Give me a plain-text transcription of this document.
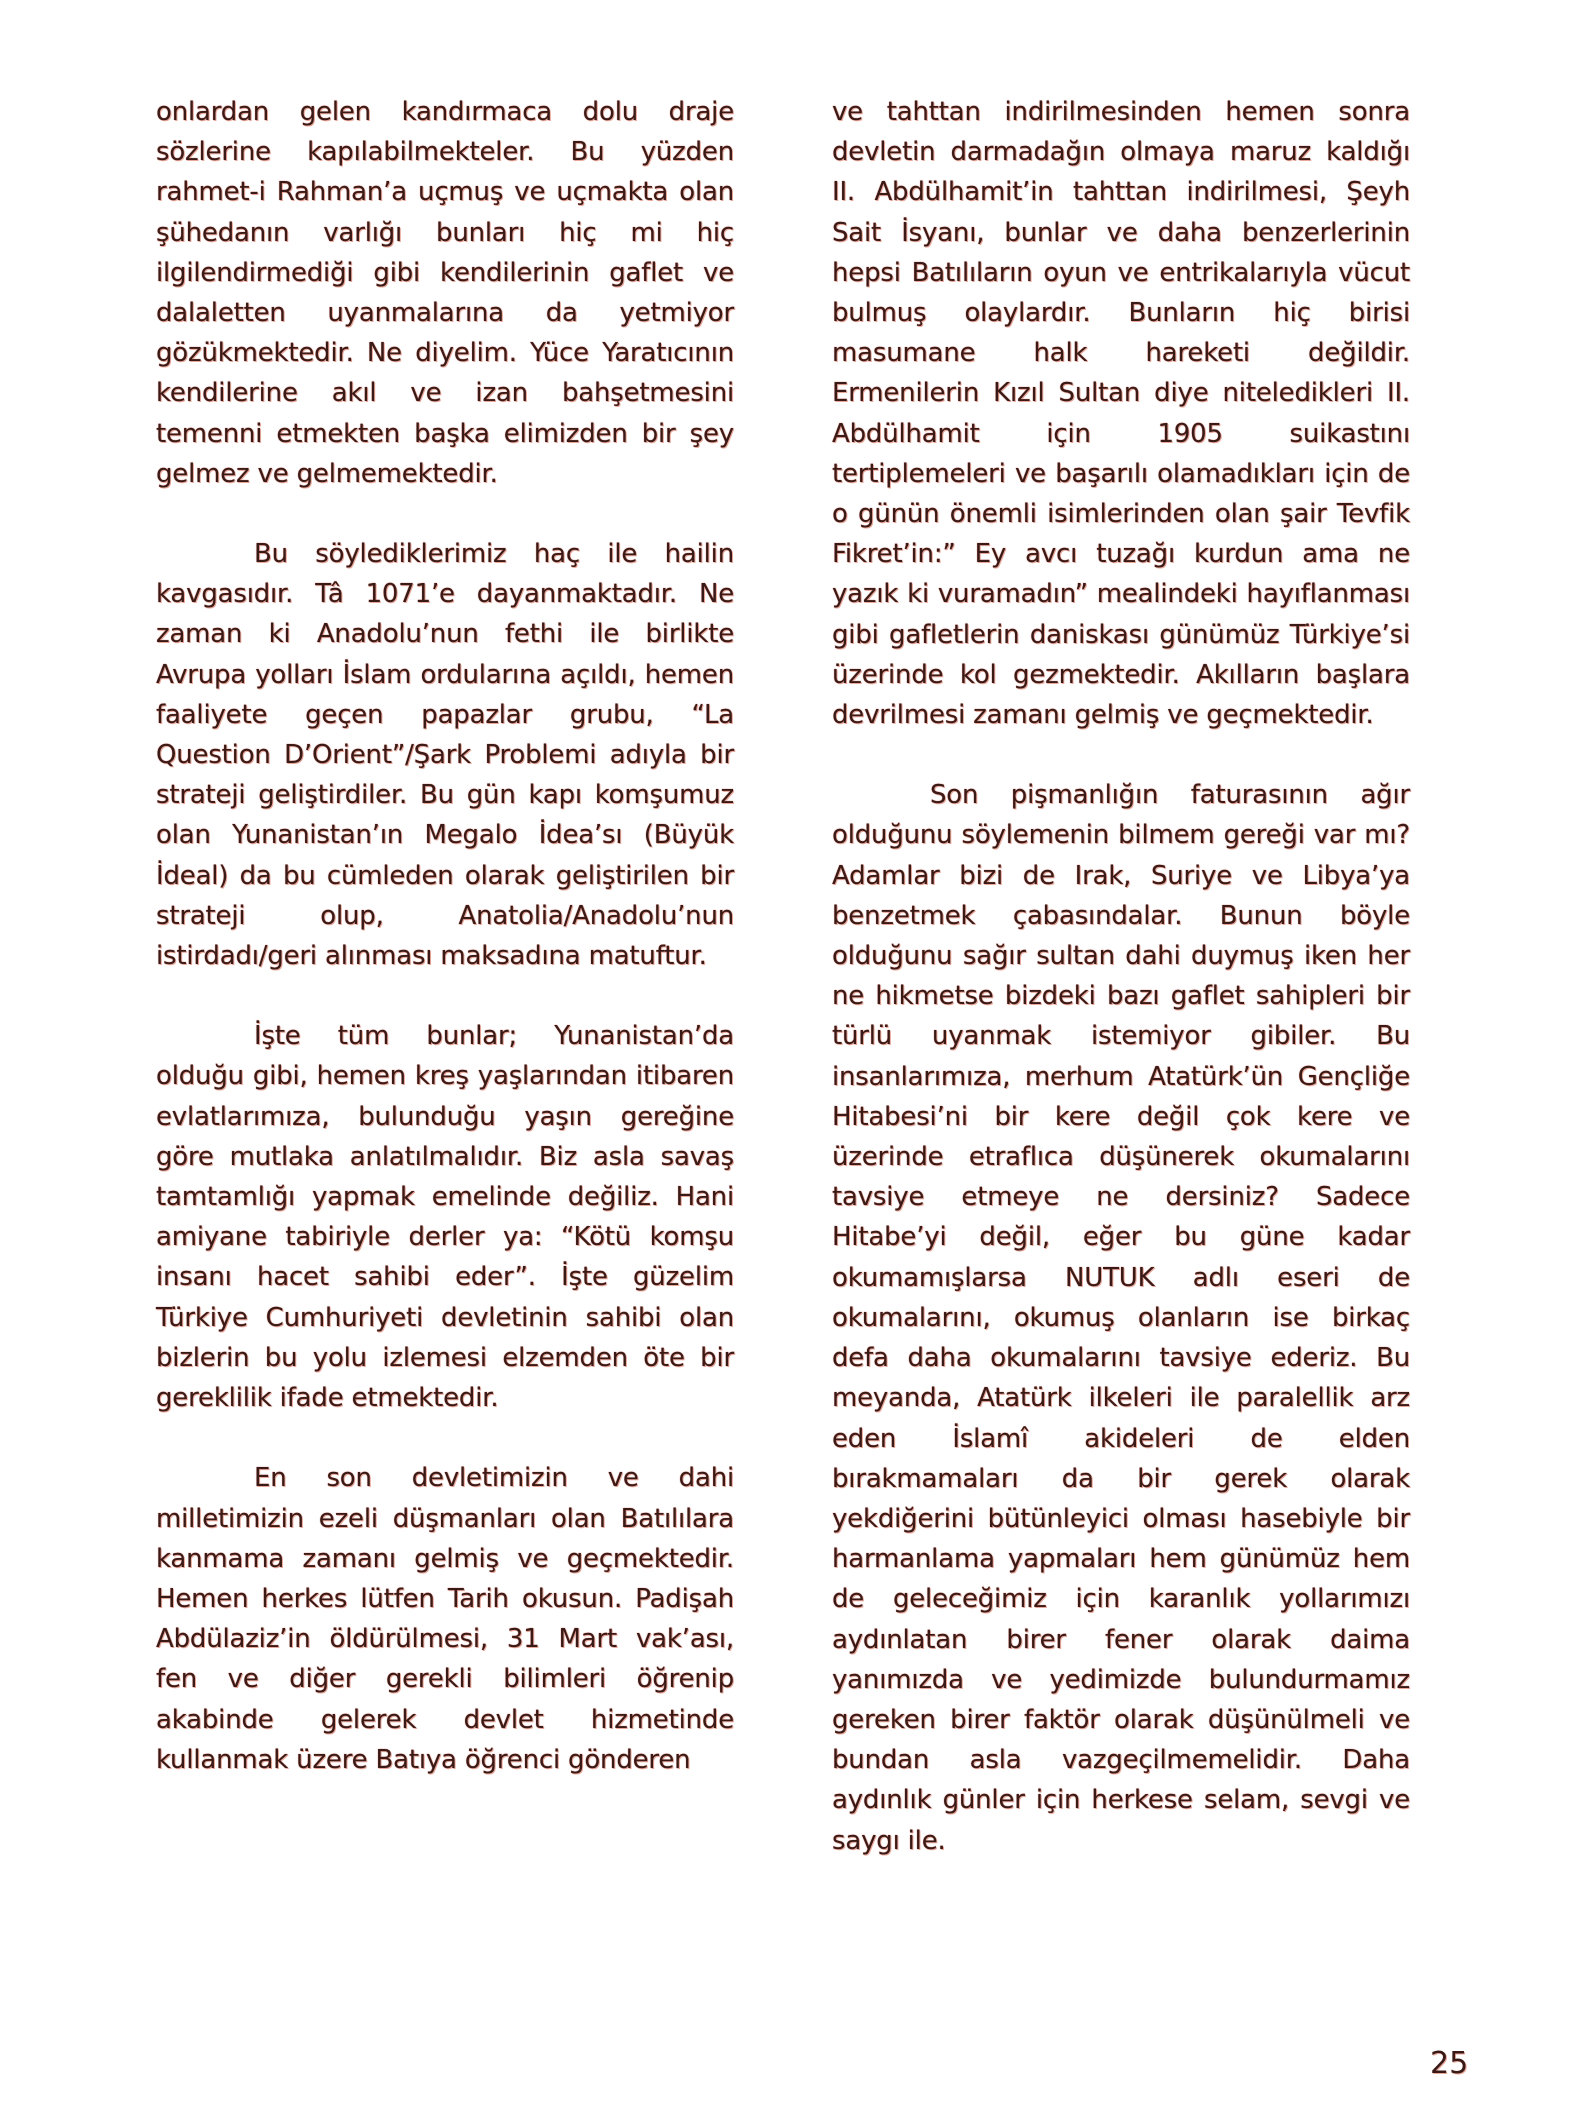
onlardan gelen kandırmaca dolu draje sözlerine kapılabilmekteler. Bu yüzden rahmet-i Rahman’a uçmuş ve uçmakta olan şühedanın varlığı bunları hiç mi hiç ilgilendirmediği gibi kendilerinin gaflet ve dalaletten uyanmalarına da yetmiyor gözükmektedir. Ne diyelim. Yüce Yaratıcının kendilerine akıl ve izan bahşetmesini temenni etmekten başka elimizden bir şey gelmez ve gelmemektedir.

Bu söylediklerimiz haç ile hailin kavgasıdır. Tâ 1071’e dayanmaktadır. Ne zaman ki Anadolu’nun fethi ile birlikte Avrupa yolları İslam ordularına açıldı, hemen faaliyete geçen papazlar grubu, “La Question D’Orient”/Şark Problemi adıyla bir strateji geliştirdiler. Bu gün kapı komşumuz olan Yunanistan’ın Megalo İdea’sı (Büyük İdeal) da bu cümleden olarak geliştirilen bir strateji olup, Anatolia/Anadolu’nun istirdadı/geri alınması maksadına matuftur.

İşte tüm bunlar; Yunanistan’da olduğu gibi, hemen kreş yaşlarından itibaren evlatlarımıza, bulunduğu yaşın gereğine göre mutlaka anlatılmalıdır. Biz asla savaş tamtamlığı yapmak emelinde değiliz. Hani amiyane tabiriyle derler ya: “Kötü komşu insanı hacet sahibi eder”. İşte güzelim Türkiye Cumhuriyeti devletinin sahibi olan bizlerin bu yolu izlemesi elzemden öte bir gereklilik ifade etmektedir.

En son devletimizin ve dahi milletimizin ezeli düşmanları olan Batılılara kanmama zamanı gelmiş ve geçmektedir. Hemen herkes lütfen Tarih okusun. Padişah Abdülaziz’in öldürülmesi, 31 Mart vak’ası, fen ve diğer gerekli bilimleri öğrenip akabinde gelerek devlet hizmetinde kullanmak üzere Batıya öğrenci gönderen

ve tahttan indirilmesinden hemen sonra devletin darmadağın olmaya maruz kaldığı II. Abdülhamit’in tahttan indirilmesi, Şeyh Sait İsyanı, bunlar ve daha benzerlerinin hepsi Batılıların oyun ve entrikalarıyla vücut bulmuş olaylardır. Bunların hiç birisi masumane halk hareketi değildir. Ermenilerin Kızıl Sultan diye niteledikleri II. Abdülhamit için 1905 suikastını tertiplemeleri ve başarılı olamadıkları için de o günün önemli isimlerinden olan şair Tevfik Fikret’in:” Ey avcı tuzağı kurdun ama ne yazık ki vuramadın” mealindeki hayıflanması gibi gafletlerin daniskası günümüz Türkiye’si üzerinde kol gezmektedir. Akılların başlara devrilmesi zamanı gelmiş ve geçmektedir.

Son pişmanlığın faturasının ağır olduğunu söylemenin bilmem gereği var mı? Adamlar bizi de Irak, Suriye ve Libya’ya benzetmek çabasındalar. Bunun böyle olduğunu sağır sultan dahi duymuş iken her ne hikmetse bizdeki bazı gaflet sahipleri bir türlü uyanmak istemiyor gibiler. Bu insanlarımıza, merhum Atatürk’ün Gençliğe Hitabesi’ni bir kere değil çok kere ve üzerinde etraflıca düşünerek okumalarını tavsiye etmeye ne dersiniz? Sadece Hitabe’yi değil, eğer bu güne kadar okumamışlarsa NUTUK adlı eseri de okumalarını, okumuş olanların ise birkaç defa daha okumalarını tavsiye ederiz. Bu meyanda, Atatürk ilkeleri ile paralellik arz eden İslamî akideleri de elden bırakmamaları da bir gerek olarak yekdiğerini bütünleyici olması hasebiyle bir harmanlama yapmaları hem günümüz hem de geleceğimiz için karanlık yollarımızı aydınlatan birer fener olarak daima yanımızda ve yedimizde bulundurmamız gereken birer faktör olarak düşünülmeli ve bundan asla vazgeçilmemelidir. Daha aydınlık günler için herkese selam, sevgi ve saygı ile.

25
